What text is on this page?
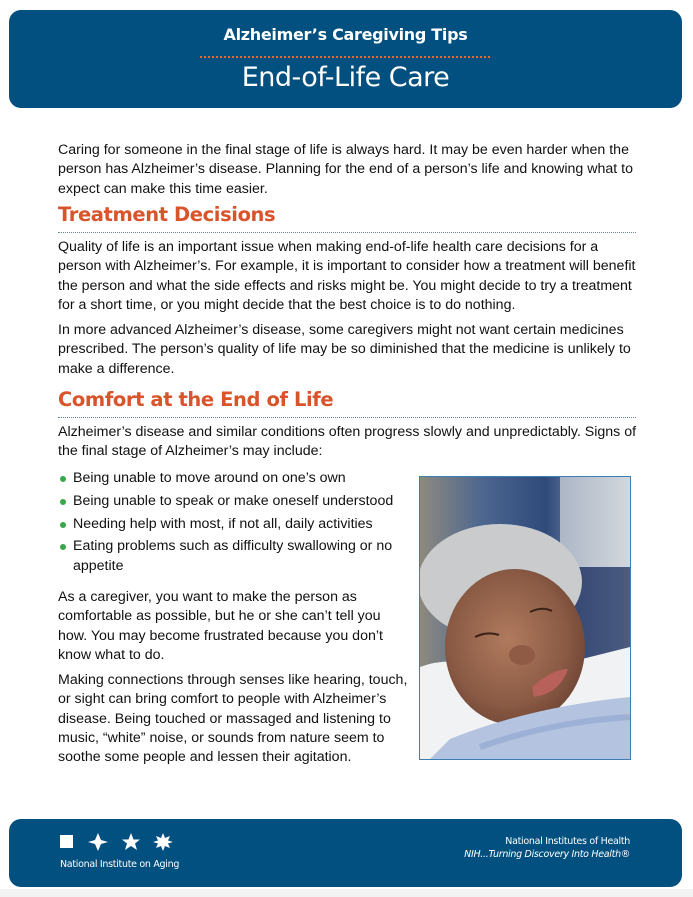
Alzheimer’s Caregiving Tips
End-of-Life Care

Caring for someone in the final stage of life is always hard. It may be even harder when the person has Alzheimer’s disease. Planning for the end of a person’s life and knowing what to expect can make this time easier.

Treatment Decisions

Quality of life is an important issue when making end-of-life health care decisions for a person with Alzheimer’s. For example, it is important to consider how a treatment will benefit the person and what the side effects and risks might be. You might decide to try a treatment for a short time, or you might decide that the best choice is to do nothing.

In more advanced Alzheimer’s disease, some caregivers might not want certain medicines prescribed. The person’s quality of life may be so diminished that the medicine is unlikely to make a difference.

Comfort at the End of Life

Alzheimer’s disease and similar conditions often progress slowly and unpredictably. Signs of the final stage of Alzheimer’s may include:

Being unable to move around on one’s own
Being unable to speak or make oneself understood
Needing help with most, if not all, daily activities
Eating problems such as difficulty swallowing or no appetite

As a caregiver, you want to make the person as comfortable as possible, but he or she can’t tell you how. You may become frustrated because you don’t know what to do.

Making connections through senses like hearing, touch, or sight can bring comfort to people with Alzheimer’s disease. Being touched or massaged and listening to music, “white” noise, or sounds from nature seem to soothe some people and lessen their agitation.

National Institute on Aging
National Institutes of Health
NIH...Turning Discovery Into Health®
